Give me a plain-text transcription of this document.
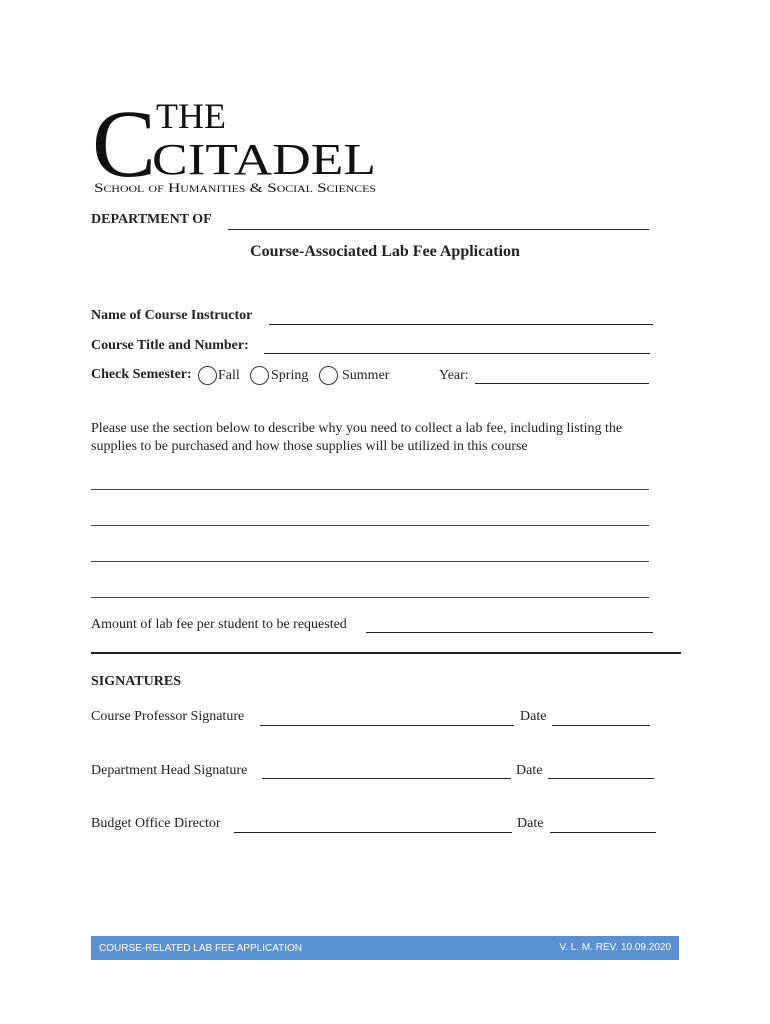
C THE
CITADEL
School of Humanities & Social Sciences
DEPARTMENT OF
Course-Associated Lab Fee Application
Name of Course Instructor
Course Title and Number:
Check Semester: Fall Spring Summer	Year:
Please use the section below to describe why you need to collect a lab fee, including listing the supplies to be purchased and how those supplies will be utilized in this course
Amount of lab fee per student to be requested
SIGNATURES
Course Professor Signature	Date
Department Head Signature	Date
Budget Office Director	Date
COURSE-RELATED LAB FEE APPLICATION	V. L. M. REV. 10.09.2020
